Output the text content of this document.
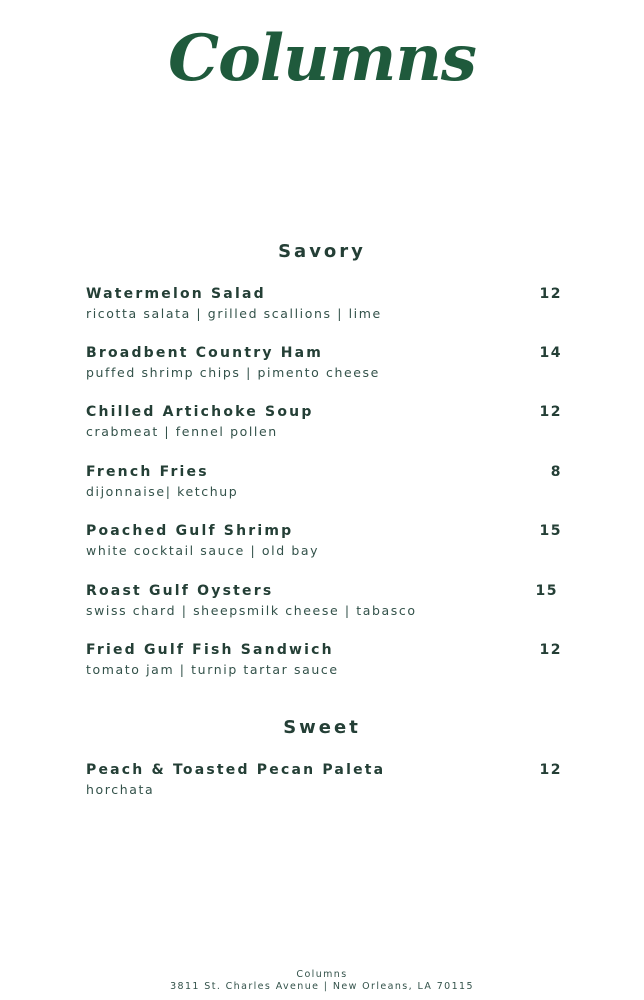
Columns
Savory
Watermelon Salad
ricotta salata | grilled scallions | lime
12
Broadbent Country Ham
puffed shrimp chips | pimento cheese
14
Chilled Artichoke Soup
crabmeat | fennel pollen
12
French Fries
dijonnaise| ketchup
8
Poached Gulf Shrimp
white cocktail sauce | old bay
15
Roast Gulf Oysters
swiss chard | sheepsmilk cheese | tabasco
15
Fried Gulf Fish Sandwich
tomato jam | turnip tartar sauce
12
Sweet
Peach & Toasted Pecan Paleta
horchata
12
Columns
3811 St. Charles Avenue | New Orleans, LA 70115
